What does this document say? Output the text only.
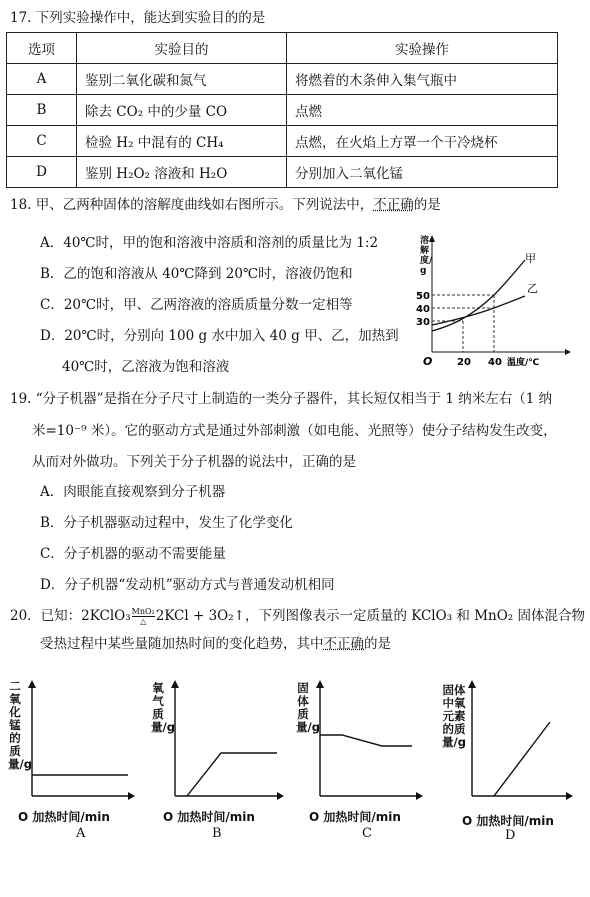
17. 下列实验操作中，能达到实验目的的是
选项	实验目的	实验操作
A	鉴别二氧化碳和氮气	将燃着的木条伸入集气瓶中
B	除去 CO₂ 中的少量 CO	点燃
C	检验 H₂ 中混有的 CH₄	点燃，在火焰上方罩一个干冷烧杯
D	鉴别 H₂O₂ 溶液和 H₂O	分别加入二氧化锰
18. 甲、乙两种固体的溶解度曲线如右图所示。下列说法中，不正确的是
A．40℃时，甲的饱和溶液中溶质和溶剂的质量比为 1:2
B．乙的饱和溶液从 40℃降到 20℃时，溶液仍饱和
C．20℃时，甲、乙两溶液的溶质质量分数一定相等
D．20℃时，分别向 100 g 水中加入 40 g 甲、乙，加热到
40℃时，乙溶液为饱和溶液
甲
乙
50
40
30
O 20 40 温度/℃
溶解度/g
19. “分子机器”是指在分子尺寸上制造的一类分子器件，其长短仅相当于 1 纳米左右（1 纳
米=10⁻⁹ 米）。它的驱动方式是通过外部刺激（如电能、光照等）使分子结构发生改变，
从而对外做功。下列关于分子机器的说法中，正确的是
A．肉眼能直接观察到分子机器
B．分子机器驱动过程中，发生了化学变化
C．分子机器的驱动不需要能量
D．分子机器“发动机”驱动方式与普通发动机相同
20．已知：2KClO₃ MnO₂
△ 2KCl + 3O₂↑，下列图像表示一定质量的 KClO₃ 和 MnO₂ 固体混合物
受热过程中某些量随加热时间的变化趋势，其中不正确的是
二氧化锰的质量/g
O 加热时间/min
A
氧气质量/g
O 加热时间/min
B
固体质量/g
O 加热时间/min
C
固体中氧元素的质量/g
O 加热时间/min
D
